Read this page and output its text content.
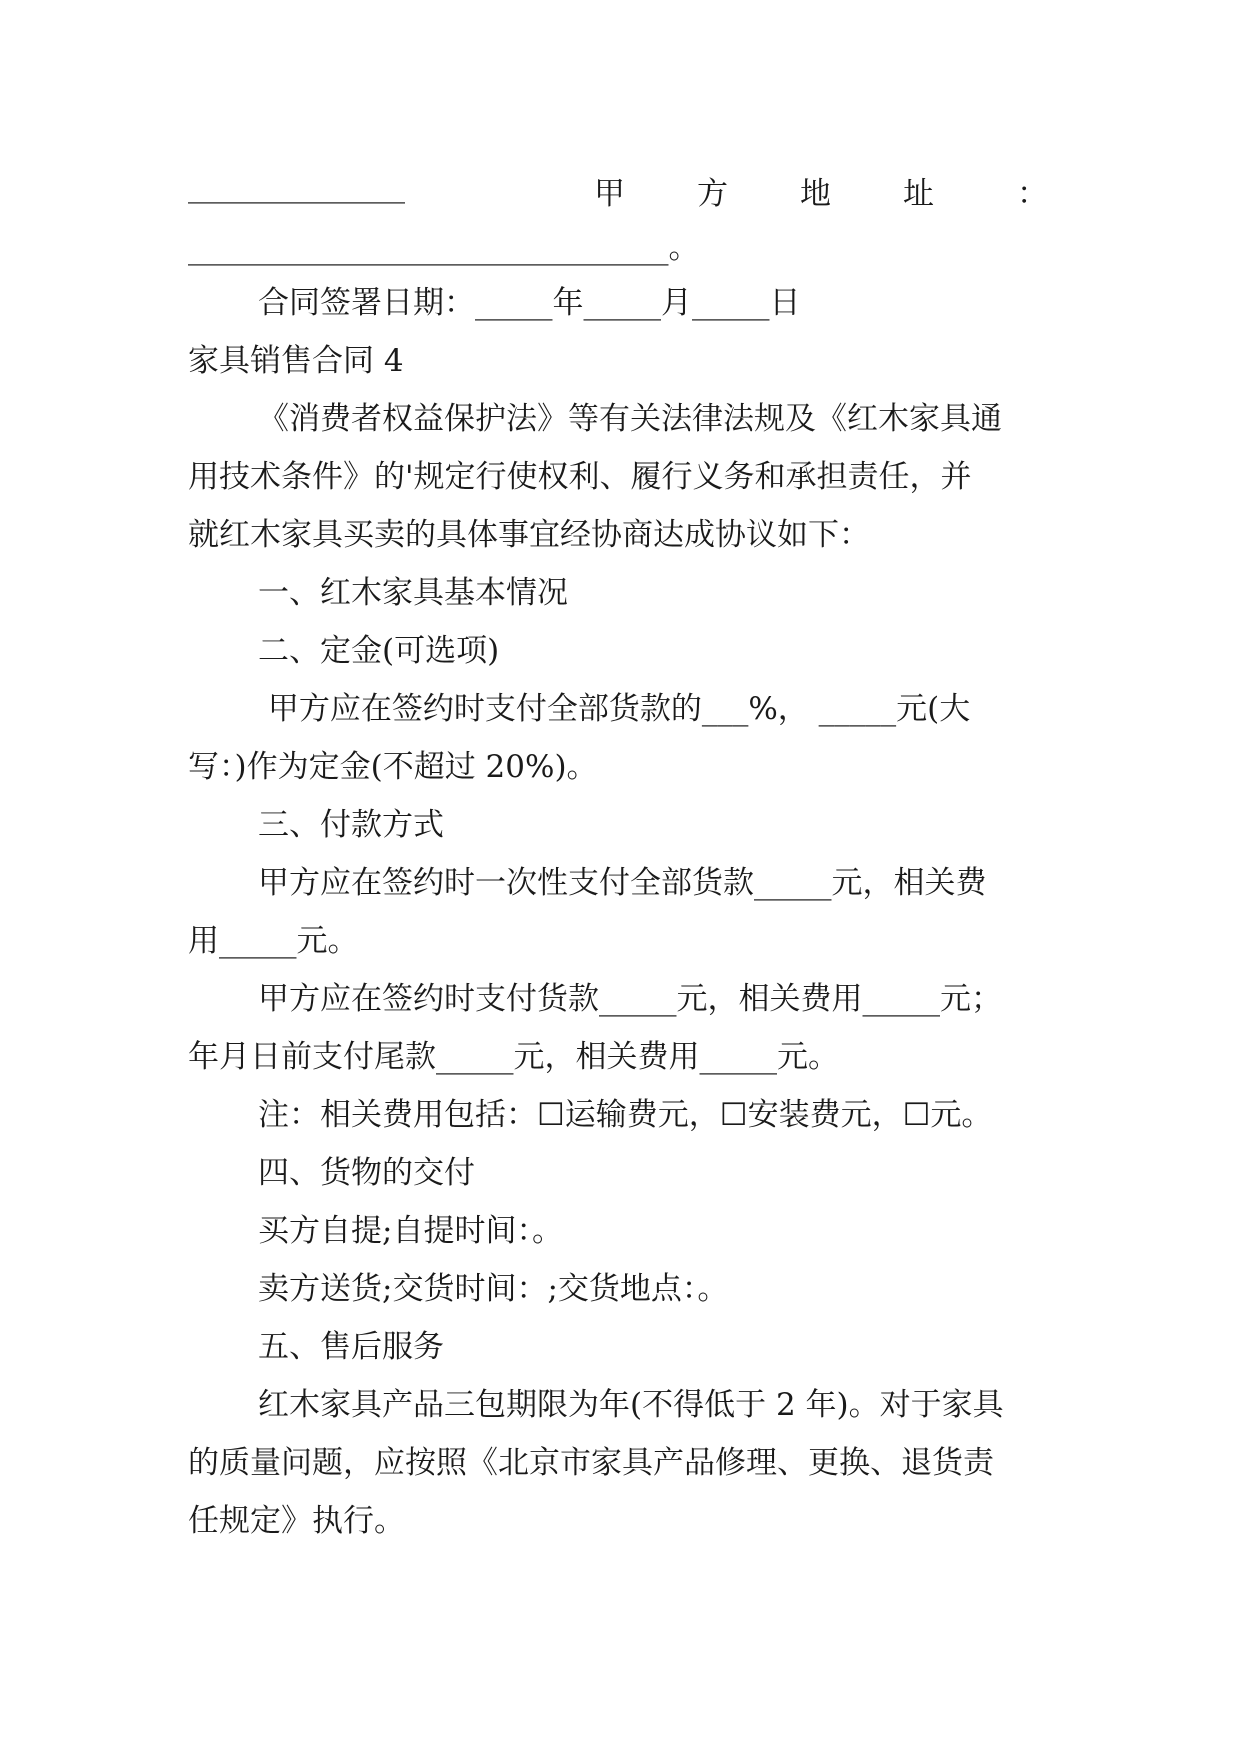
______________	甲 方 地 址	：
_______________________________。
合同签署日期：_____年_____月_____日
家具销售合同 4
《消费者权益保护法》等有关法律法规及《红木家具通
用技术条件》的'规定行使权利、履行义务和承担责任，并
就红木家具买卖的具体事宜经协商达成协议如下：
一、红木家具基本情况
二、定金(可选项)
甲方应在签约时支付全部货款的___%， _____元(大
写：)作为定金(不超过 20%)。
三、付款方式
甲方应在签约时一次性支付全部货款_____元，相关费
用_____元。
甲方应在签约时支付货款_____元，相关费用_____元；
年月日前支付尾款_____元，相关费用_____元。
注：相关费用包括：☐运输费元，☐安装费元，☐元。
四、货物的交付
买方自提;自提时间：。
卖方送货;交货时间：;交货地点：。
五、售后服务
红木家具产品三包期限为年(不得低于 2 年)。对于家具
的质量问题，应按照《北京市家具产品修理、更换、退货责
任规定》执行。
